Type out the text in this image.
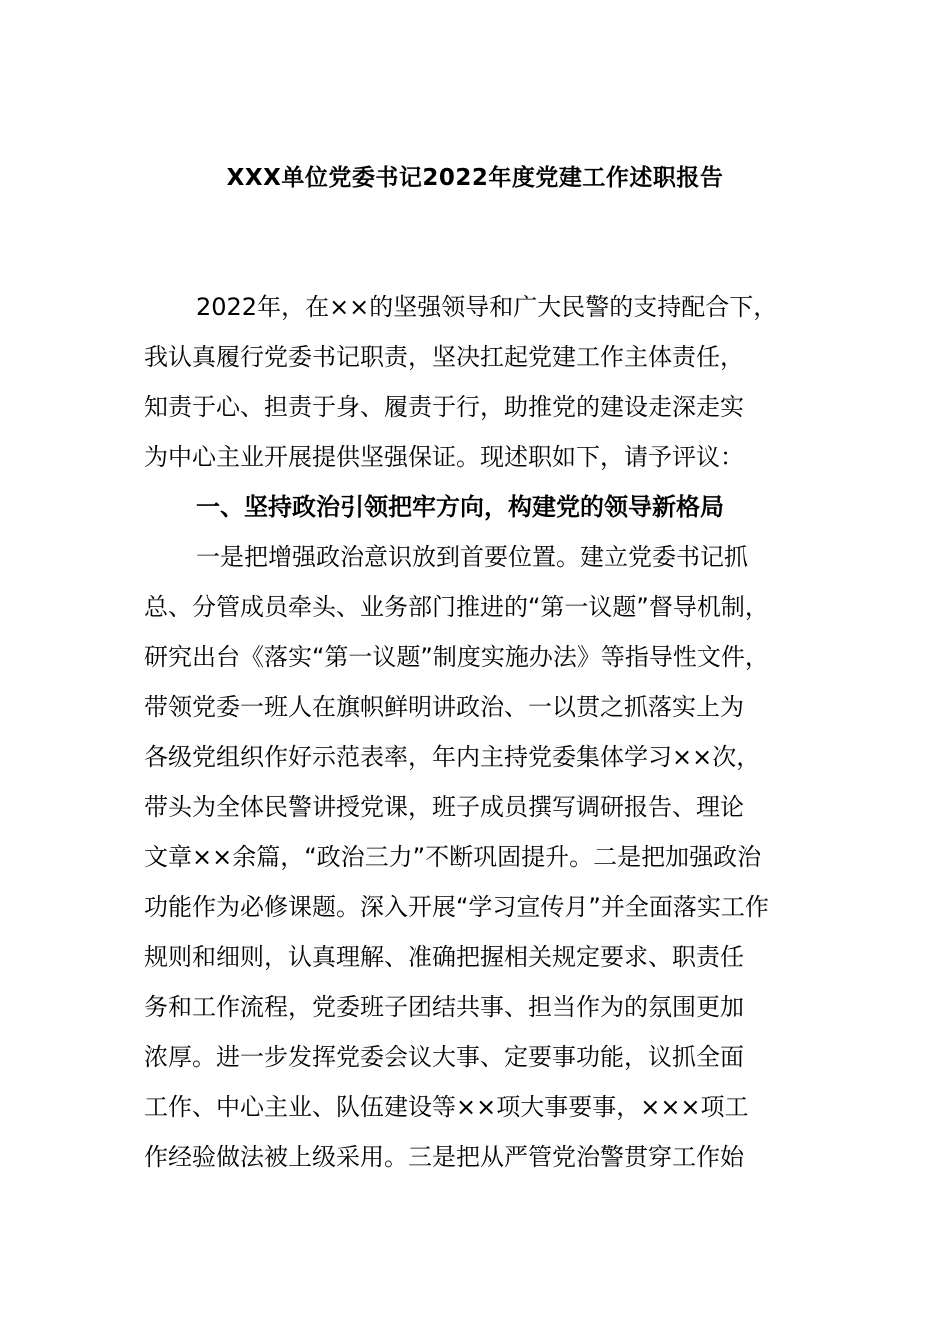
XXX单位党委书记2022年度党建工作述职报告
2022年，在××的坚强领导和广大民警的支持配合下，
我认真履行党委书记职责，坚决扛起党建工作主体责任，
知责于心、担责于身、履责于行，助推党的建设走深走实
为中心主业开展提供坚强保证。现述职如下，请予评议：
一、坚持政治引领把牢方向，构建党的领导新格局
一是把增强政治意识放到首要位置。建立党委书记抓
总、分管成员牵头、业务部门推进的“第一议题”督导机制，
研究出台《落实“第一议题”制度实施办法》等指导性文件，
带领党委一班人在旗帜鲜明讲政治、一以贯之抓落实上为
各级党组织作好示范表率，年内主持党委集体学习××次，
带头为全体民警讲授党课，班子成员撰写调研报告、理论
文章××余篇，“政治三力”不断巩固提升。二是把加强政治
功能作为必修课题。深入开展“学习宣传月”并全面落实工作
规则和细则，认真理解、准确把握相关规定要求、职责任
务和工作流程，党委班子团结共事、担当作为的氛围更加
浓厚。进一步发挥党委会议大事、定要事功能，议抓全面
工作、中心主业、队伍建设等××项大事要事，×××项工
作经验做法被上级采用。三是把从严管党治警贯穿工作始
